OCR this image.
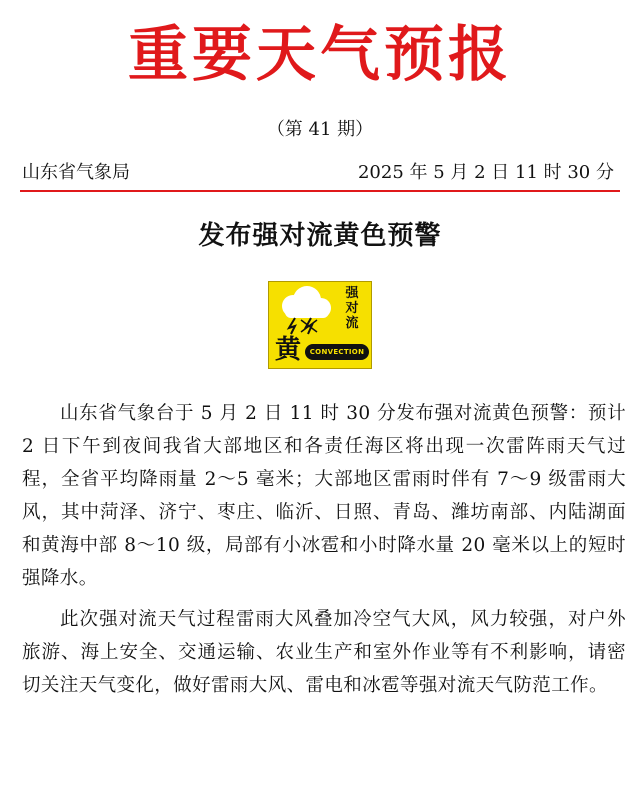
重要天气预报
（第 41 期）
山东省气象局	2025 年 5 月 2 日 11 时 30 分
发布强对流黄色预警
强
对
流
黄	CONVECTION

山东省气象台于 5 月 2 日 11 时 30 分发布强对流黄色预警：预计 2 日下午到夜间我省大部地区和各责任海区将出现一次雷阵雨天气过程，全省平均降雨量 2～5 毫米；大部地区雷雨时伴有 7～9 级雷雨大风，其中菏泽、济宁、枣庄、临沂、日照、青岛、潍坊南部、内陆湖面和黄海中部 8～10 级，局部有小冰雹和小时降水量 20 毫米以上的短时强降水。

此次强对流天气过程雷雨大风叠加冷空气大风，风力较强，对户外旅游、海上安全、交通运输、农业生产和室外作业等有不利影响，请密切关注天气变化，做好雷雨大风、雷电和冰雹等强对流天气防范工作。
